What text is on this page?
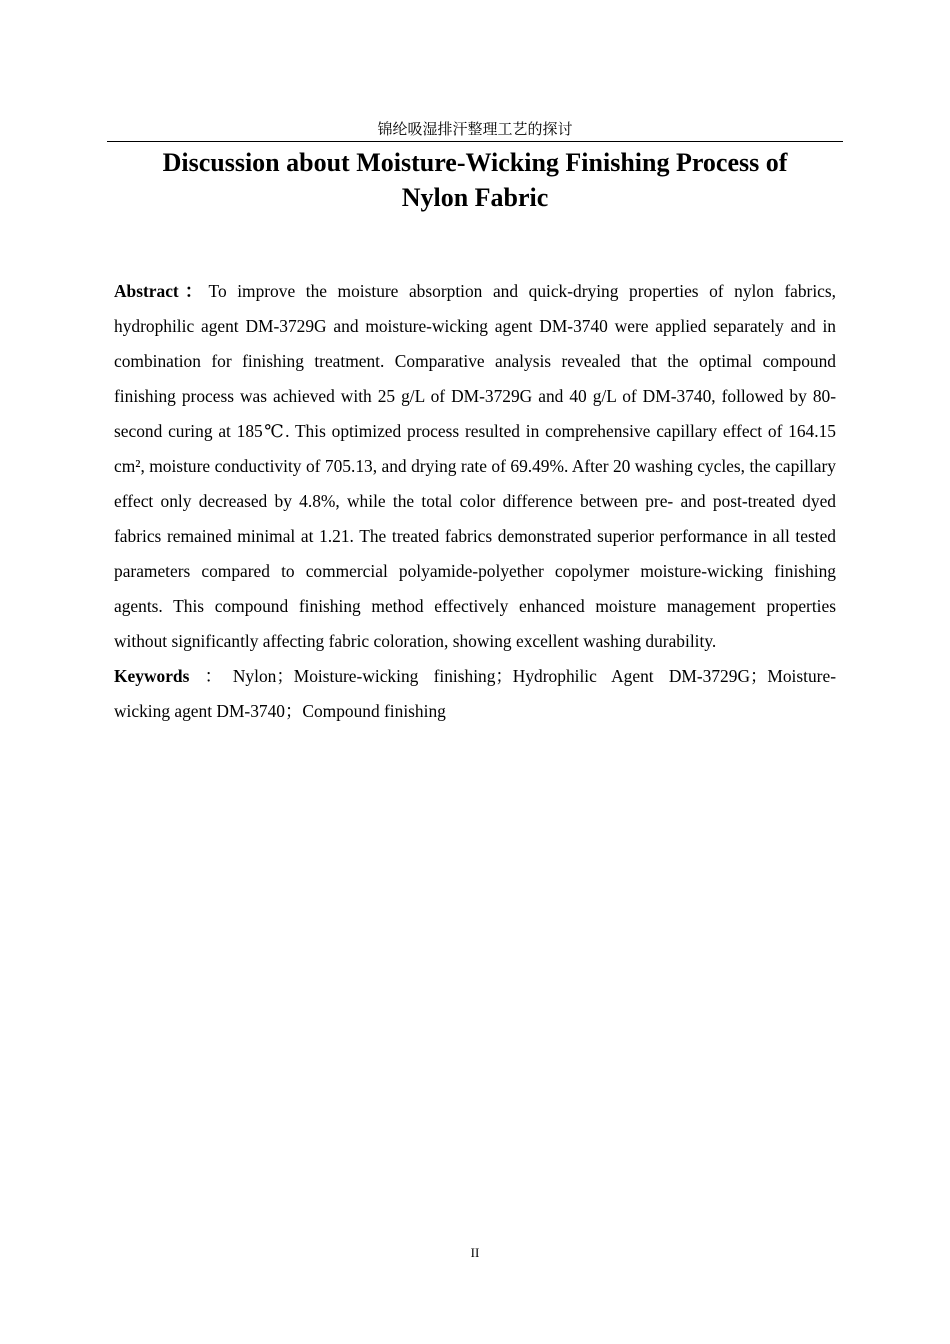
锦纶吸湿排汗整理工艺的探讨
Discussion about Moisture-Wicking Finishing Process of
Nylon Fabric

Abstract：To improve the moisture absorption and quick-drying properties of nylon fabrics, hydrophilic agent DM-3729G and moisture-wicking agent DM-3740 were applied separately and in combination for finishing treatment. Comparative analysis revealed that the optimal compound finishing process was achieved with 25 g/L of DM-3729G and 40 g/L of DM-3740, followed by 80-second curing at 185℃. This optimized process resulted in comprehensive capillary effect of 164.15 cm², moisture conductivity of 705.13, and drying rate of 69.49%. After 20 washing cycles, the capillary effect only decreased by 4.8%, while the total color difference between pre- and post-treated dyed fabrics remained minimal at 1.21. The treated fabrics demonstrated superior performance in all tested parameters compared to commercial polyamide-polyether copolymer moisture-wicking finishing agents. This compound finishing method effectively enhanced moisture management properties without significantly affecting fabric coloration, showing excellent washing durability.

Keywords ：Nylon；Moisture-wicking finishing；Hydrophilic Agent DM-3729G；Moisture-wicking agent DM-3740；Compound finishing

II
